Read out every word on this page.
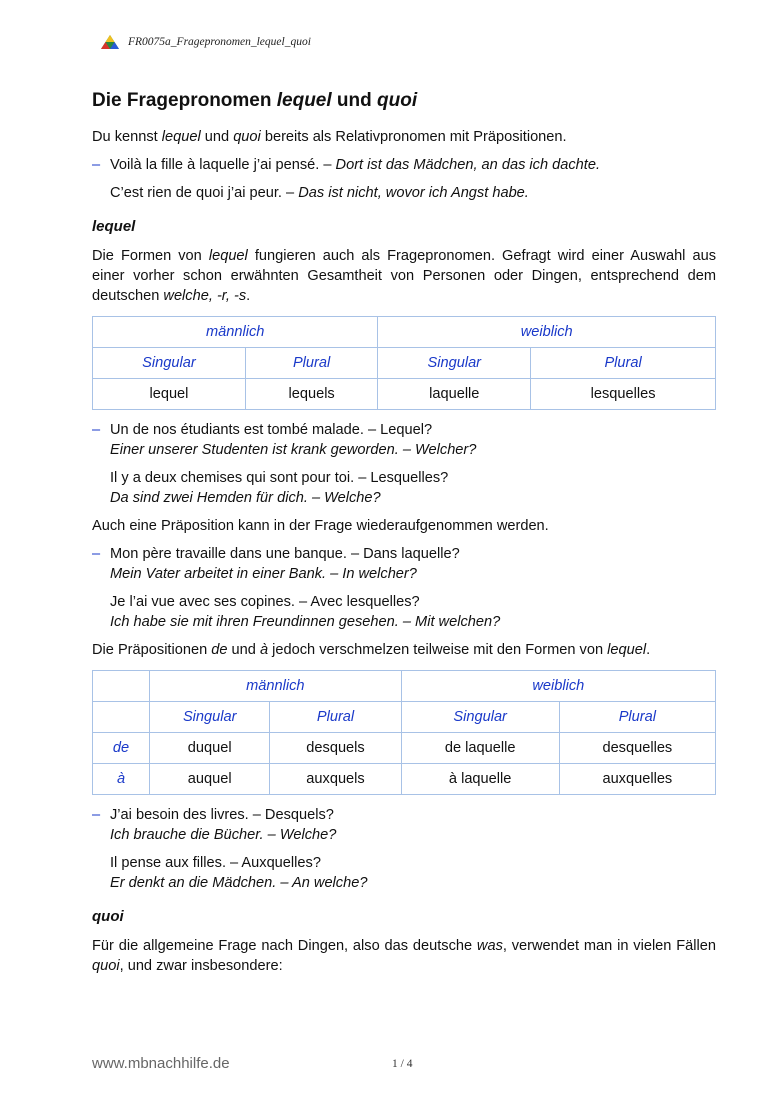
FR0075a_Fragepronomen_lequel_quoi
Die Fragepronomen lequel und quoi

Du kennst lequel und quoi bereits als Relativpronomen mit Präpositionen.

– Voilà la fille à laquelle j’ai pensé. – Dort ist das Mädchen, an das ich dachte.
C’est rien de quoi j’ai peur. – Das ist nicht, wovor ich Angst habe.
lequel

Die Formen von lequel fungieren auch als Fragepronomen. Gefragt wird einer Auswahl aus einer vorher schon erwähnten Gesamtheit von Personen oder Dingen, entsprechend dem deutschen welche, -r, -s.

männlich		weiblich	
Singular	Plural	Singular	Plural
lequel	lequels	laquelle	lesquelles
– Un de nos étudiants est tombé malade. – Lequel?
Einer unserer Studenten ist krank geworden. – Welcher?
Il y a deux chemises qui sont pour toi. – Lesquelles?
Da sind zwei Hemden für dich. – Welche?

Auch eine Präposition kann in der Frage wiederaufgenommen werden.

– Mon père travaille dans une banque. – Dans laquelle?
Mein Vater arbeitet in einer Bank. – In welcher?
Je l’ai vue avec ses copines. – Avec lesquelles?
Ich habe sie mit ihren Freundinnen gesehen. – Mit welchen?

Die Präpositionen de und à jedoch verschmelzen teilweise mit den Formen von lequel.

	männlich		weiblich	
	Singular	Plural	Singular	Plural
de	duquel	desquels	de laquelle	desquelles
à	auquel	auxquels	à laquelle	auxquelles
– J’ai besoin des livres. – Desquels?
Ich brauche die Bücher. – Welche?
Il pense aux filles. – Auxquelles?
Er denkt an die Mädchen. – An welche?
quoi

Für die allgemeine Frage nach Dingen, also das deutsche was, verwendet man in vielen Fällen quoi, und zwar insbesondere:

www.mbnachhilfe.de	1 / 4
